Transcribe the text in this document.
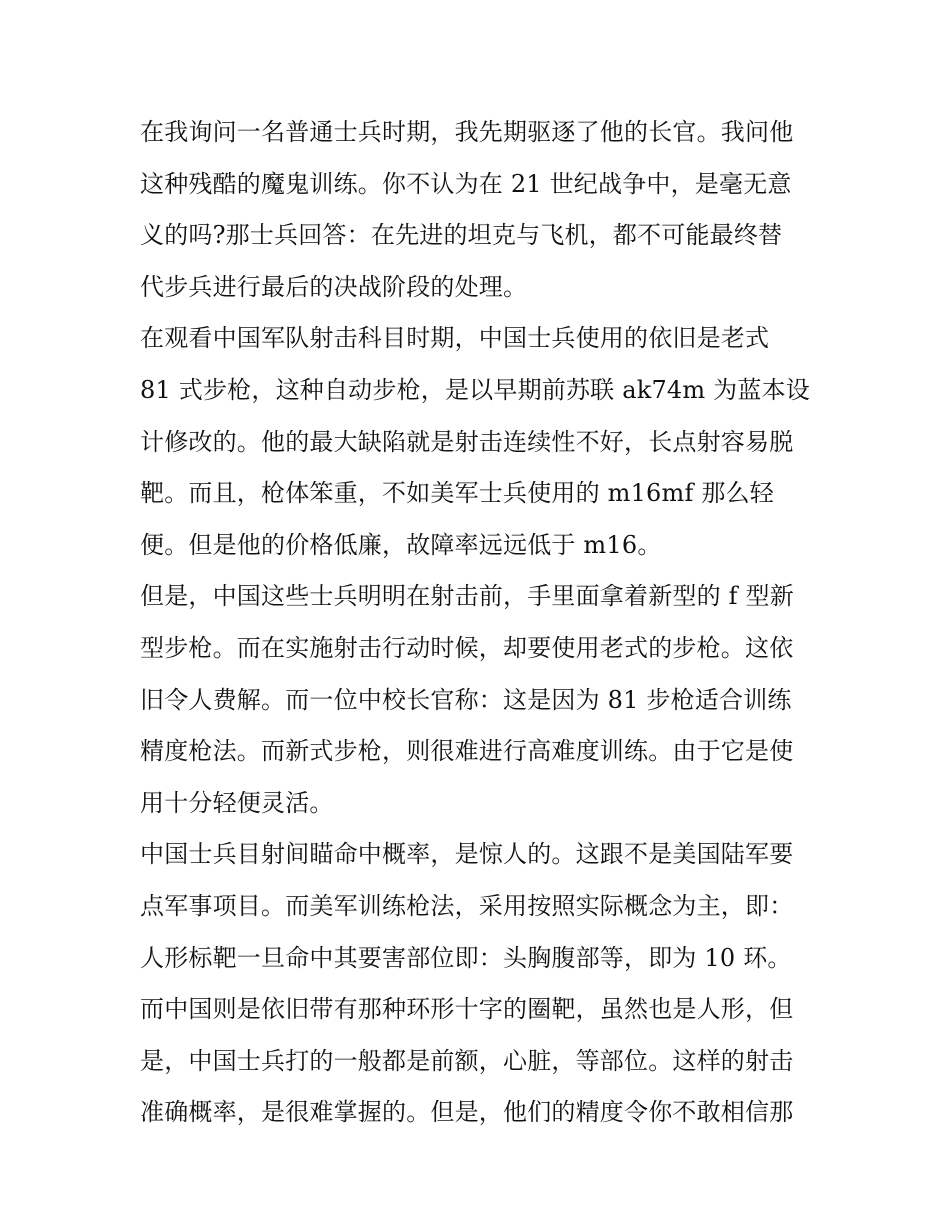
在我询问一名普通士兵时期，我先期驱逐了他的长官。我问他
这种残酷的魔鬼训练。你不认为在 21 世纪战争中，是毫无意
义的吗?那士兵回答：在先进的坦克与飞机，都不可能最终替
代步兵进行最后的决战阶段的处理。
在观看中国军队射击科目时期，中国士兵使用的依旧是老式
81 式步枪，这种自动步枪，是以早期前苏联 ak74m 为蓝本设
计修改的。他的最大缺陷就是射击连续性不好，长点射容易脱
靶。而且，枪体笨重，不如美军士兵使用的 m16mf 那么轻
便。但是他的价格低廉，故障率远远低于 m16。
但是，中国这些士兵明明在射击前，手里面拿着新型的 f 型新
型步枪。而在实施射击行动时候，却要使用老式的步枪。这依
旧令人费解。而一位中校长官称：这是因为 81 步枪适合训练
精度枪法。而新式步枪，则很难进行高难度训练。由于它是使
用十分轻便灵活。
中国士兵目射间瞄命中概率，是惊人的。这跟不是美国陆军要
点军事项目。而美军训练枪法，采用按照实际概念为主，即：
人形标靶一旦命中其要害部位即：头胸腹部等，即为 10 环。
而中国则是依旧带有那种环形十字的圈靶，虽然也是人形，但
是，中国士兵打的一般都是前额，心脏，等部位。这样的射击
准确概率，是很难掌握的。但是，他们的精度令你不敢相信那
